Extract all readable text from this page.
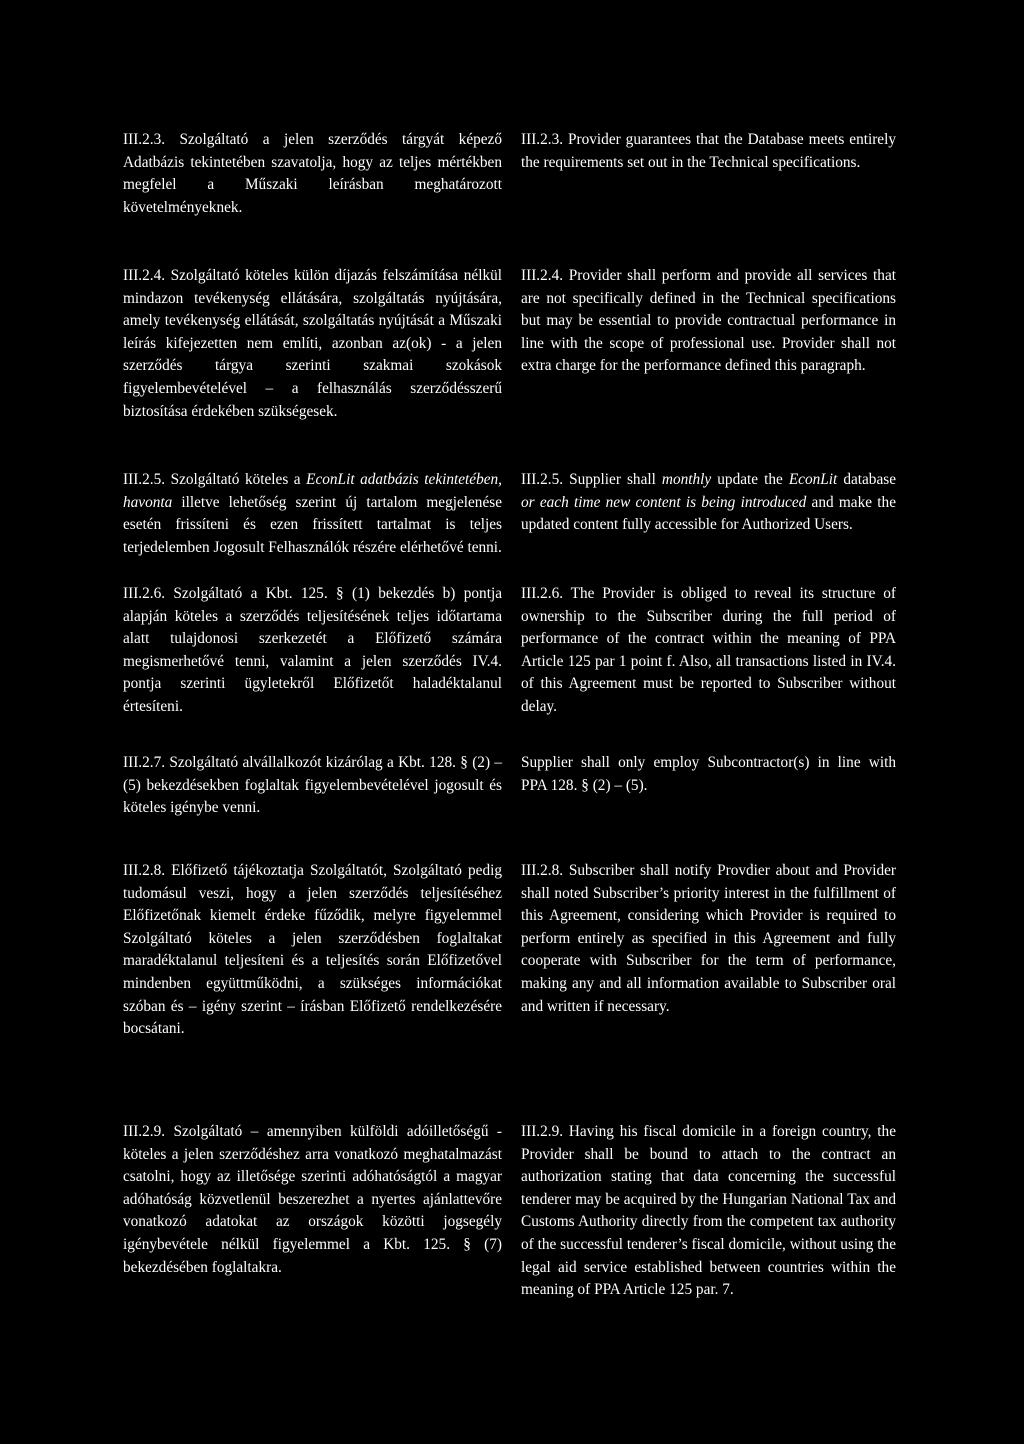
III.2.3. Szolgáltató a jelen szerződés tárgyát képező Adatbázis tekintetében szavatolja, hogy az teljes mértékben megfelel a Műszaki leírásban meghatározott követelményeknek.

III.2.3. Provider guarantees that the Database meets entirely the requirements set out in the Technical specifications.

III.2.4. Szolgáltató köteles külön díjazás felszámítása nélkül mindazon tevékenység ellátására, szolgáltatás nyújtására, amely tevékenység ellátását, szolgáltatás nyújtását a Műszaki leírás kifejezetten nem említi, azonban az(ok) - a jelen szerződés tárgya szerinti szakmai szokások figyelembevételével – a felhasználás szerződésszerű biztosítása érdekében szükségesek.

III.2.4. Provider shall perform and provide all services that are not specifically defined in the Technical specifications but may be essential to provide contractual performance in line with the scope of professional use. Provider shall not extra charge for the performance defined this paragraph.

III.2.5. Szolgáltató köteles a EconLit adatbázis tekintetében, havonta illetve lehetőség szerint új tartalom megjelenése esetén frissíteni és ezen frissített tartalmat is teljes terjedelemben Jogosult Felhasználók részére elérhetővé tenni.

III.2.5. Supplier shall monthly update the EconLit database or each time new content is being introduced and make the updated content fully accessible for Authorized Users.

III.2.6. Szolgáltató a Kbt. 125. § (1) bekezdés b) pontja alapján köteles a szerződés teljesítésének teljes időtartama alatt tulajdonosi szerkezetét a Előfizető számára megismerhetővé tenni, valamint a jelen szerződés IV.4. pontja szerinti ügyletekről Előfizetőt haladéktalanul értesíteni.

III.2.6. The Provider is obliged to reveal its structure of ownership to the Subscriber during the full period of performance of the contract within the meaning of PPA Article 125 par 1 point f. Also, all transactions listed in IV.4. of this Agreement must be reported to Subscriber without delay.

III.2.7. Szolgáltató alvállalkozót kizárólag a Kbt. 128. § (2) – (5) bekezdésekben foglaltak figyelembevételével jogosult és köteles igénybe venni.

Supplier shall only employ Subcontractor(s) in line with PPA 128. § (2) – (5).

III.2.8. Előfizető tájékoztatja Szolgáltatót, Szolgáltató pedig tudomásul veszi, hogy a jelen szerződés teljesítéséhez Előfizetőnak kiemelt érdeke fűződik, melyre figyelemmel Szolgáltató köteles a jelen szerződésben foglaltakat maradéktalanul teljesíteni és a teljesítés során Előfizetővel mindenben együttműködni, a szükséges információkat szóban és – igény szerint – írásban Előfizető rendelkezésére bocsátani.

III.2.8. Subscriber shall notify Provdier about and Provider shall noted Subscriber’s priority interest in the fulfillment of this Agreement, considering which Provider is required to perform entirely as specified in this Agreement and fully cooperate with Subscriber for the term of performance, making any and all information available to Subscriber oral and written if necessary.

III.2.9. Szolgáltató – amennyiben külföldi adóilletőségű - köteles a jelen szerződéshez arra vonatkozó meghatalmazást csatolni, hogy az illetősége szerinti adóhatóságtól a magyar adóhatóság közvetlenül beszerezhet a nyertes ajánlattevőre vonatkozó adatokat az országok közötti jogsegély igénybevétele nélkül figyelemmel a Kbt. 125. § (7) bekezdésében foglaltakra.

III.2.9. Having his fiscal domicile in a foreign country, the Provider shall be bound to attach to the contract an authorization stating that data concerning the successful tenderer may be acquired by the Hungarian National Tax and Customs Authority directly from the competent tax authority of the successful tenderer’s fiscal domicile, without using the legal aid service established between countries within the meaning of PPA Article 125 par. 7.
